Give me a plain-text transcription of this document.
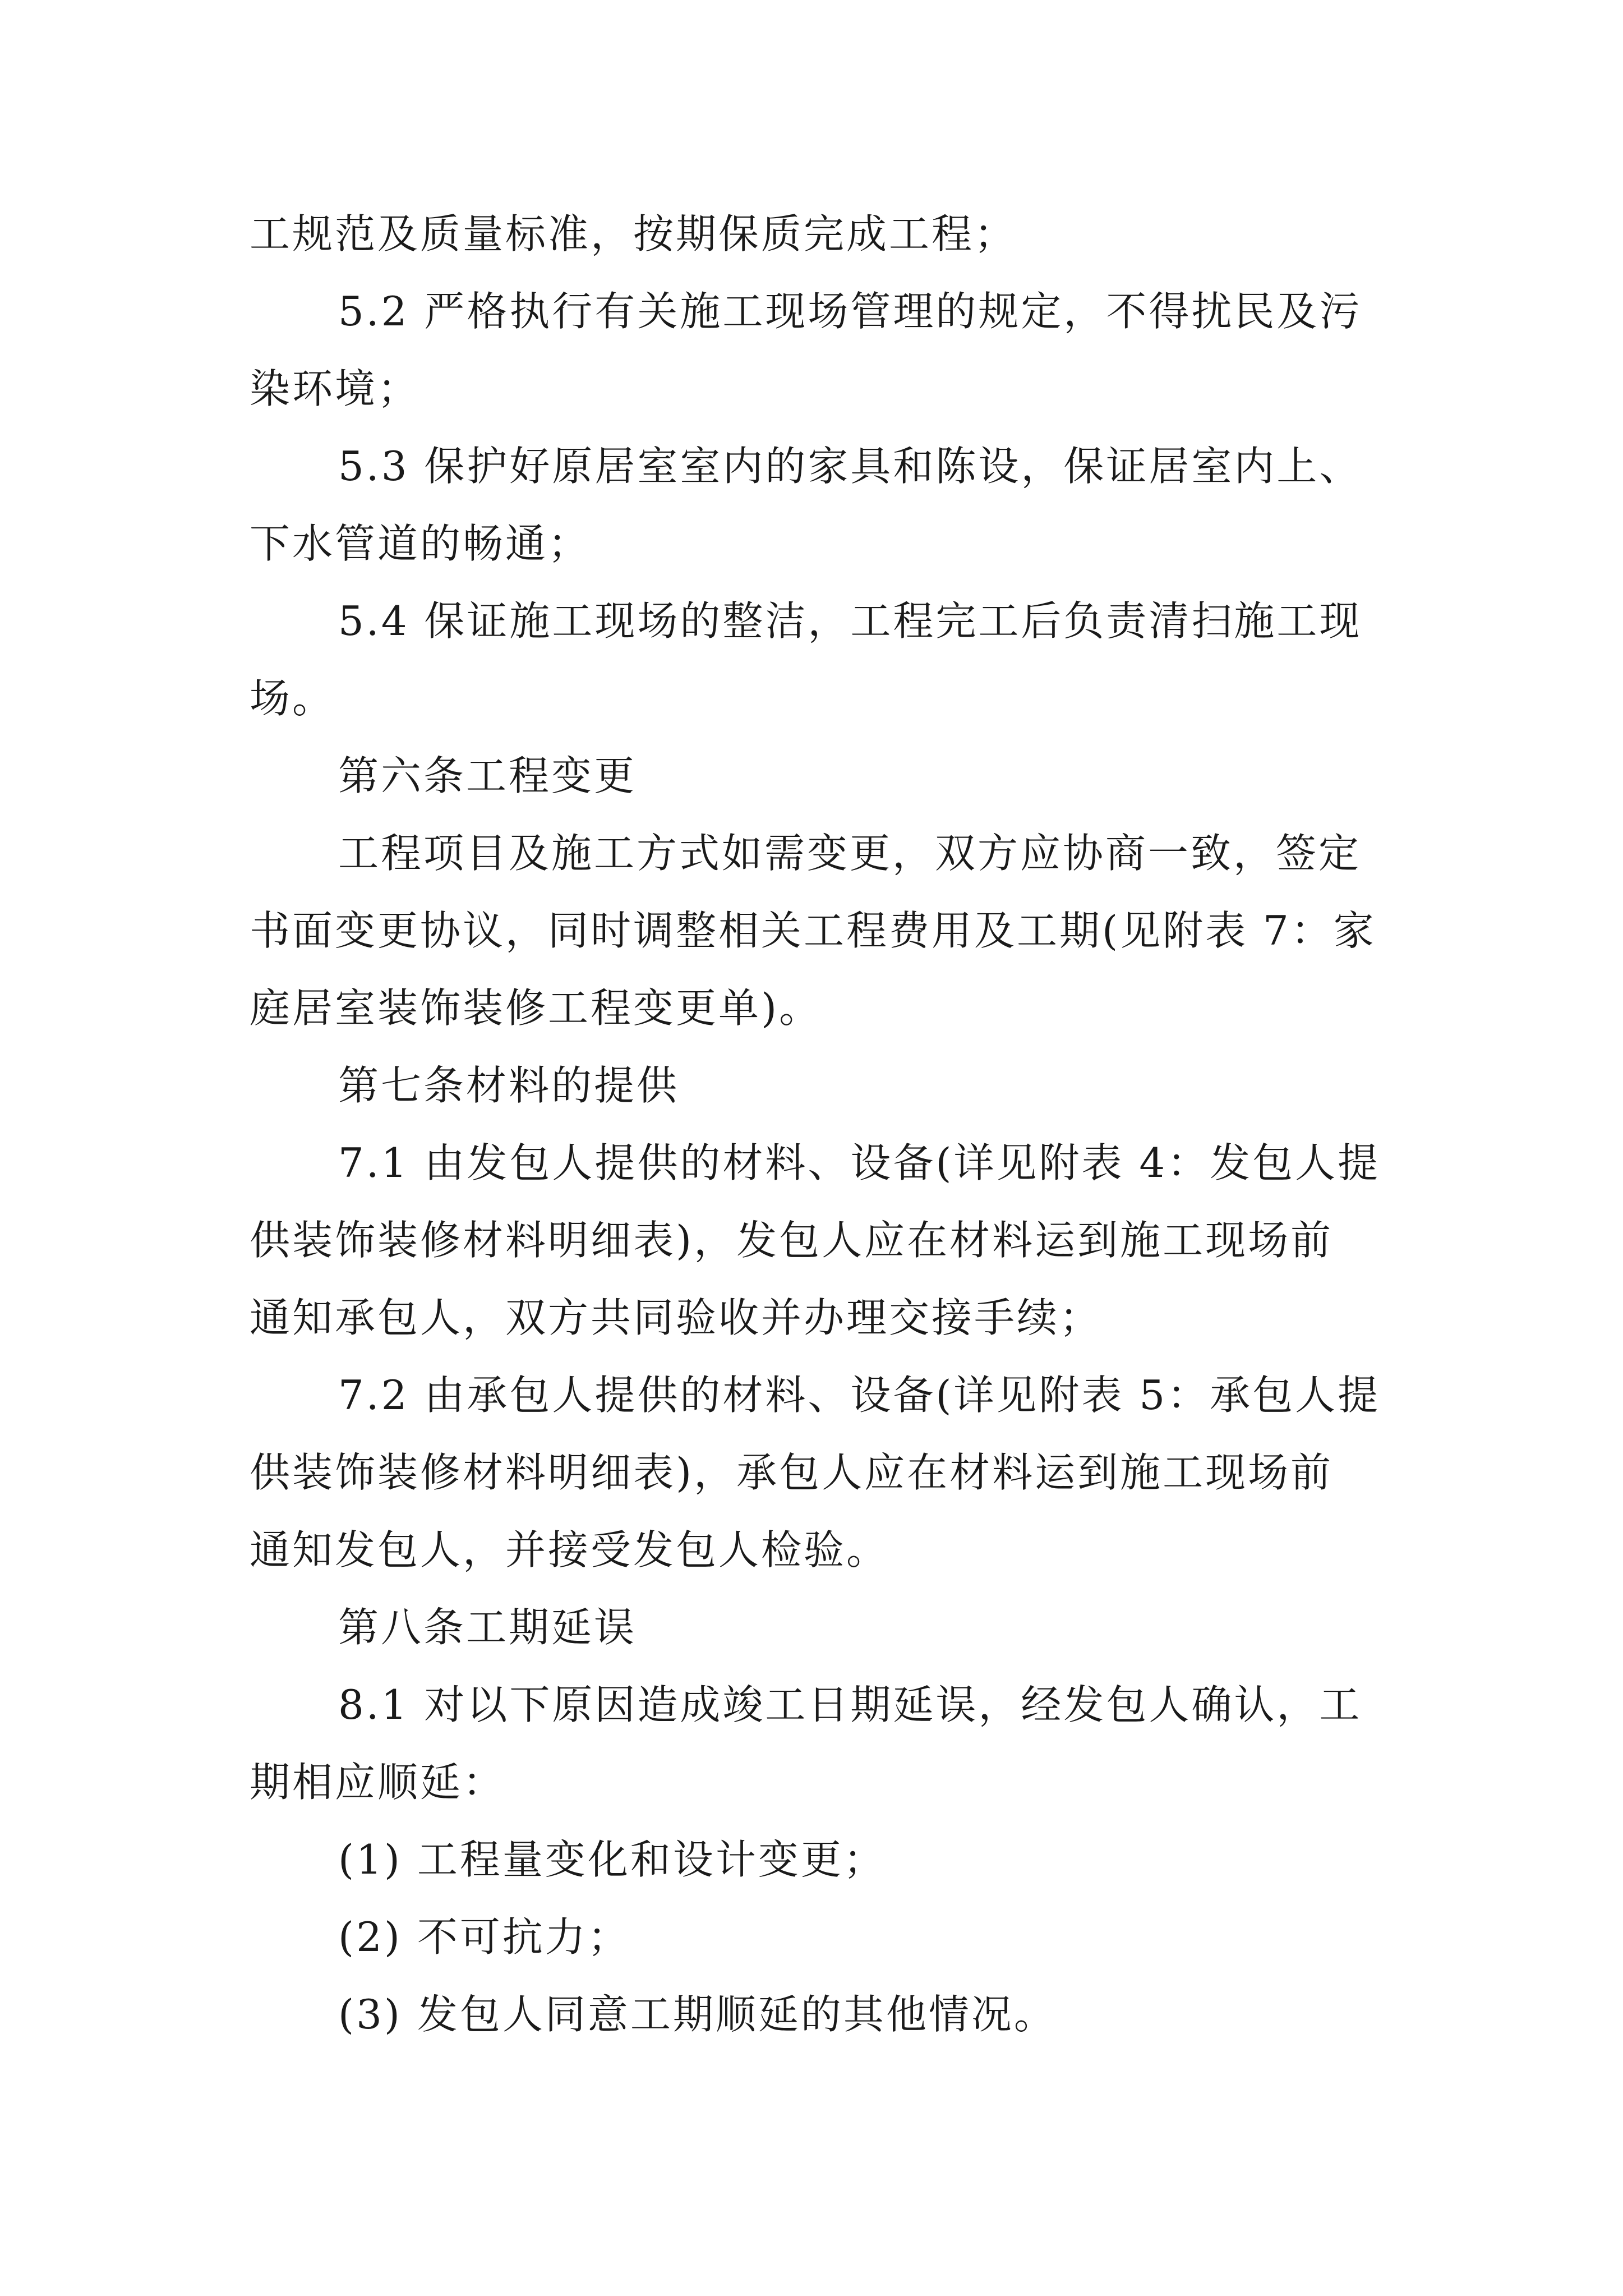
工规范及质量标准，按期保质完成工程；
5.2 严格执行有关施工现场管理的规定，不得扰民及污
染环境；
5.3 保护好原居室室内的家具和陈设，保证居室内上、
下水管道的畅通；
5.4 保证施工现场的整洁，工程完工后负责清扫施工现
场。
第六条工程变更
工程项目及施工方式如需变更，双方应协商一致，签定
书面变更协议，同时调整相关工程费用及工期(见附表 7：家
庭居室装饰装修工程变更单)。
第七条材料的提供
7.1 由发包人提供的材料、设备(详见附表 4：发包人提
供装饰装修材料明细表)，发包人应在材料运到施工现场前
通知承包人，双方共同验收并办理交接手续；
7.2 由承包人提供的材料、设备(详见附表 5：承包人提
供装饰装修材料明细表)，承包人应在材料运到施工现场前
通知发包人，并接受发包人检验。
第八条工期延误
8.1 对以下原因造成竣工日期延误，经发包人确认，工
期相应顺延：
(1) 工程量变化和设计变更；
(2) 不可抗力；
(3) 发包人同意工期顺延的其他情况。
